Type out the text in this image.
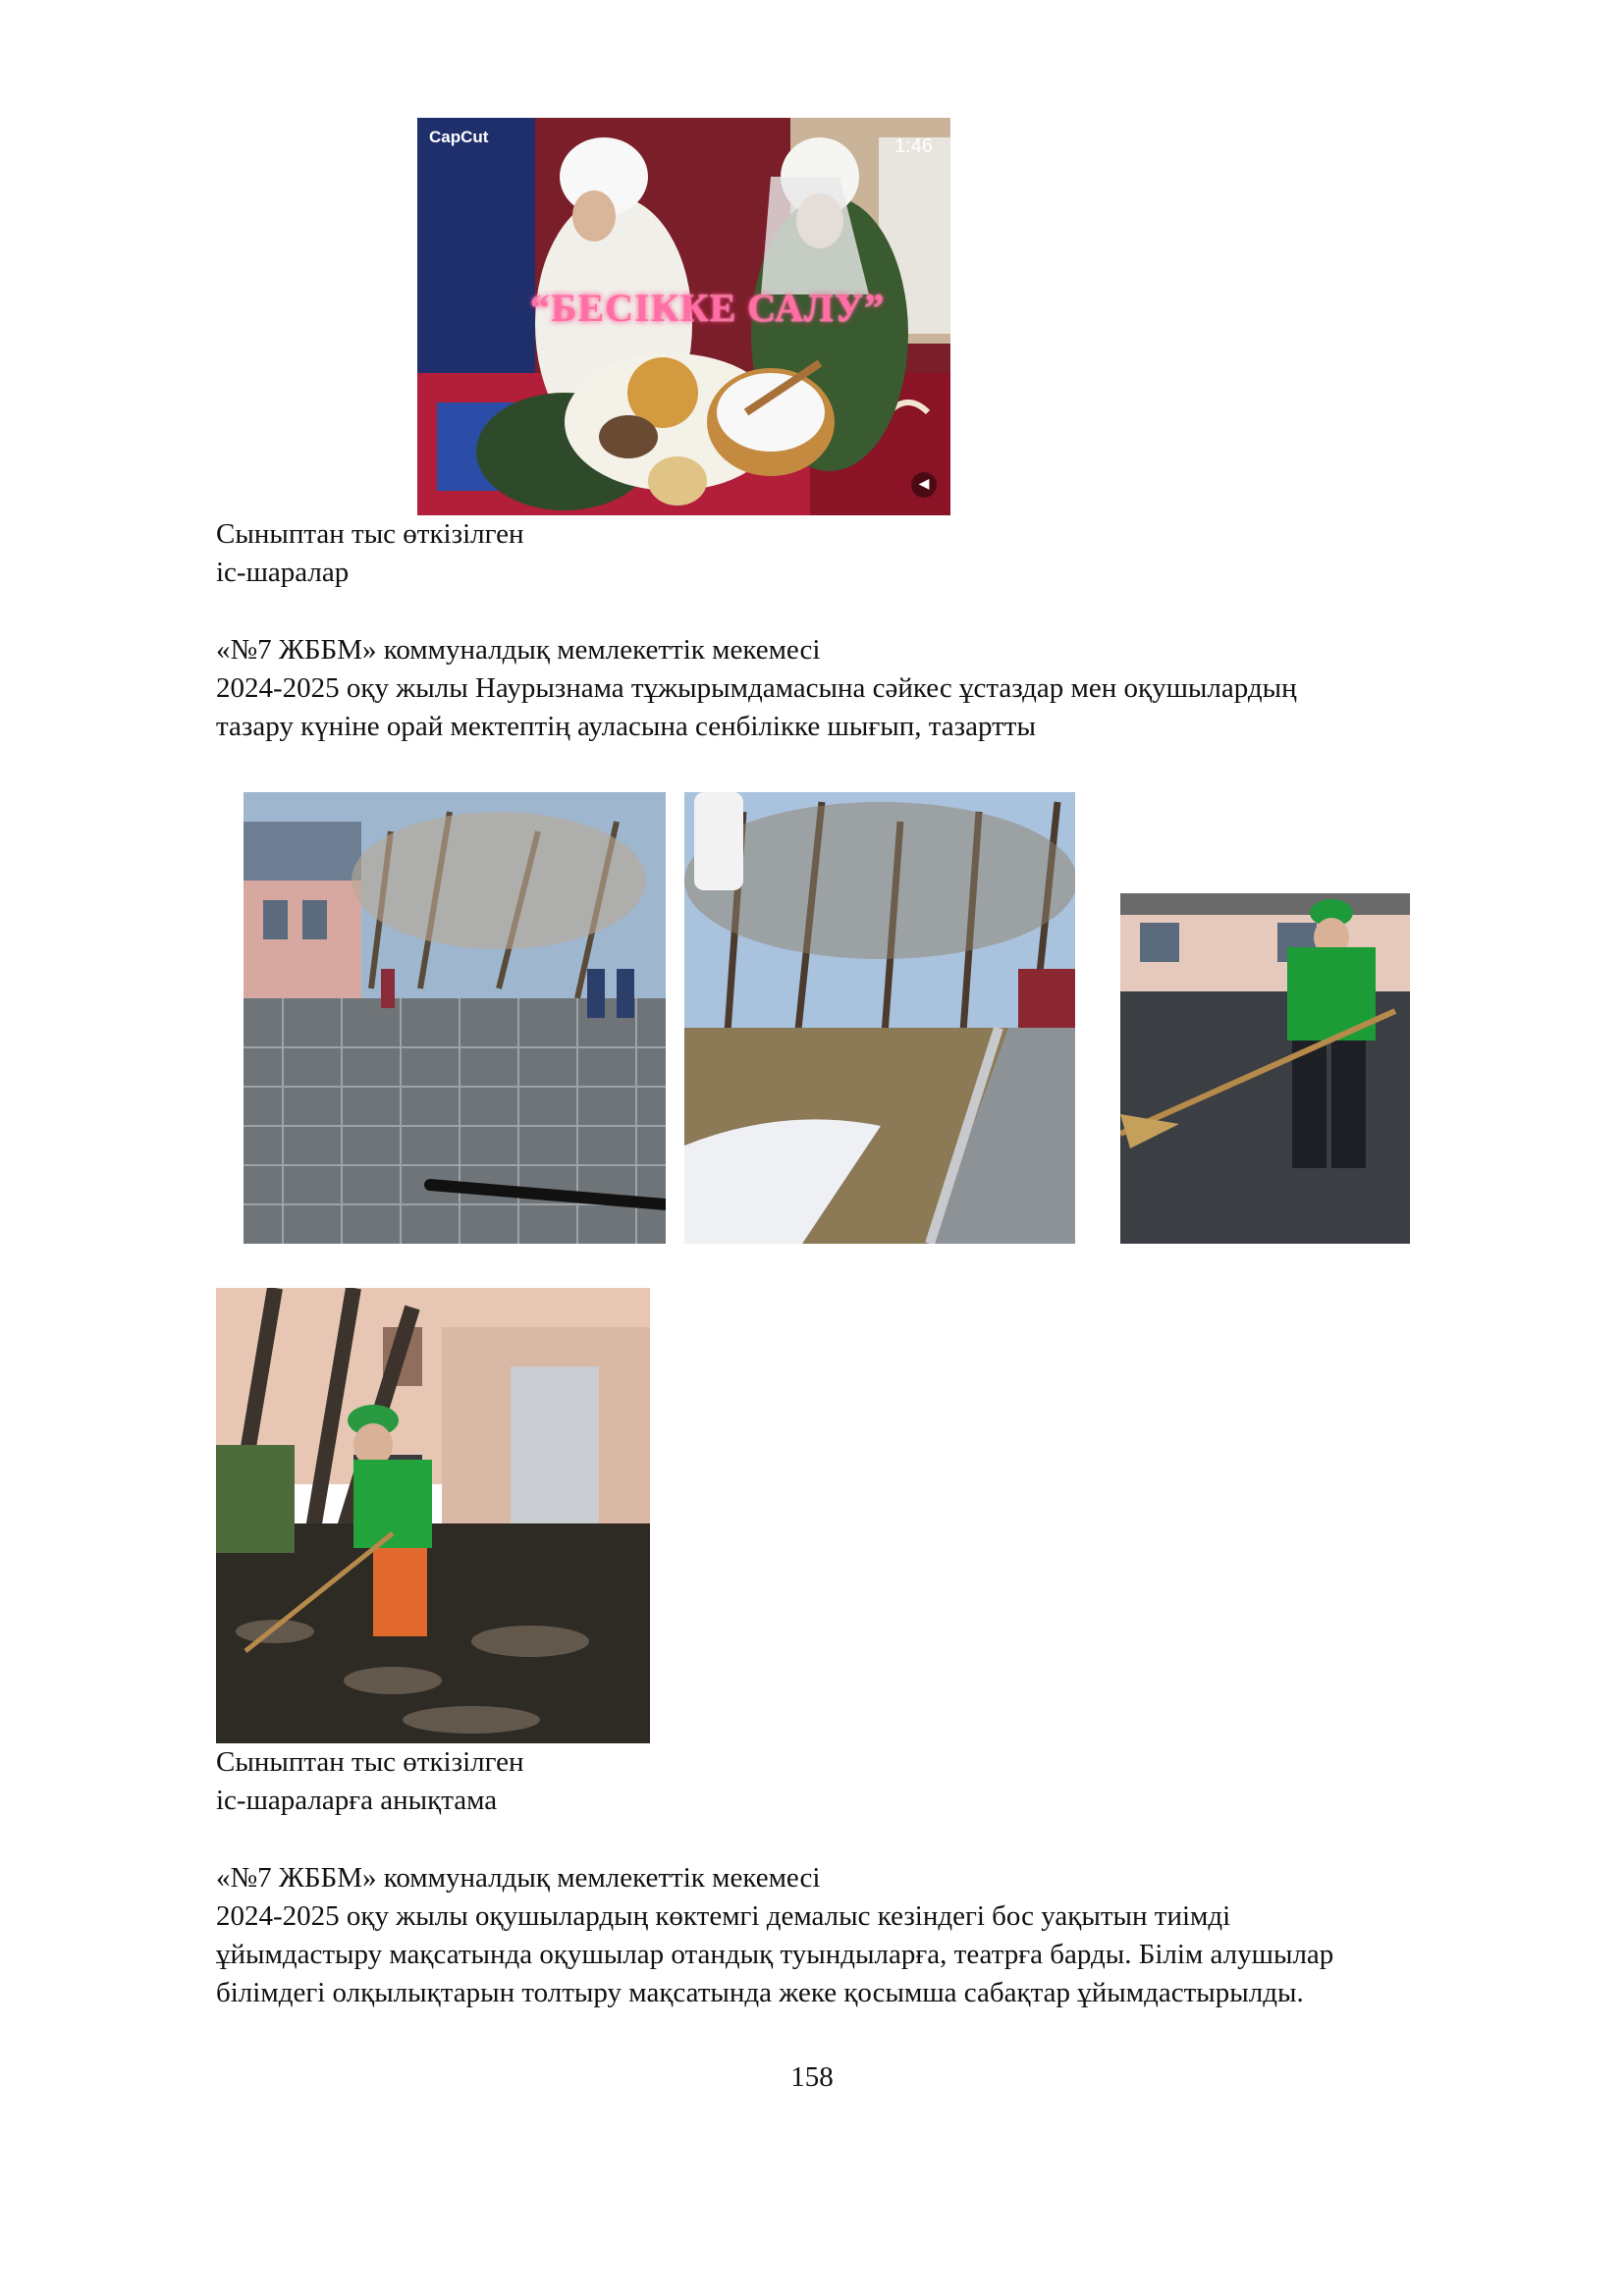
CapCut	1:46
“БЕСІККЕ САЛУ”
◀
Сыныптан тыс өткізілген
іс-шаралар
«№7 ЖББМ» коммуналдық мемлекеттік мекемесі
2024-2025 оқу жылы Наурызнама тұжырымдамасына сәйкес ұстаздар мен оқушылардың
тазару күніне орай мектептің ауласына сенбілікке шығып, тазартты
Сыныптан тыс өткізілген
іс-шараларға анықтама
«№7 ЖББМ» коммуналдық мемлекеттік мекемесі
2024-2025 оқу жылы оқушылардың көктемгі демалыс кезіндегі бос уақытын тиімді
ұйымдастыру мақсатында оқушылар отандық туындыларға, театрға барды. Білім алушылар
білімдегі олқылықтарын толтыру мақсатында жеке қосымша сабақтар ұйымдастырылды.
158
